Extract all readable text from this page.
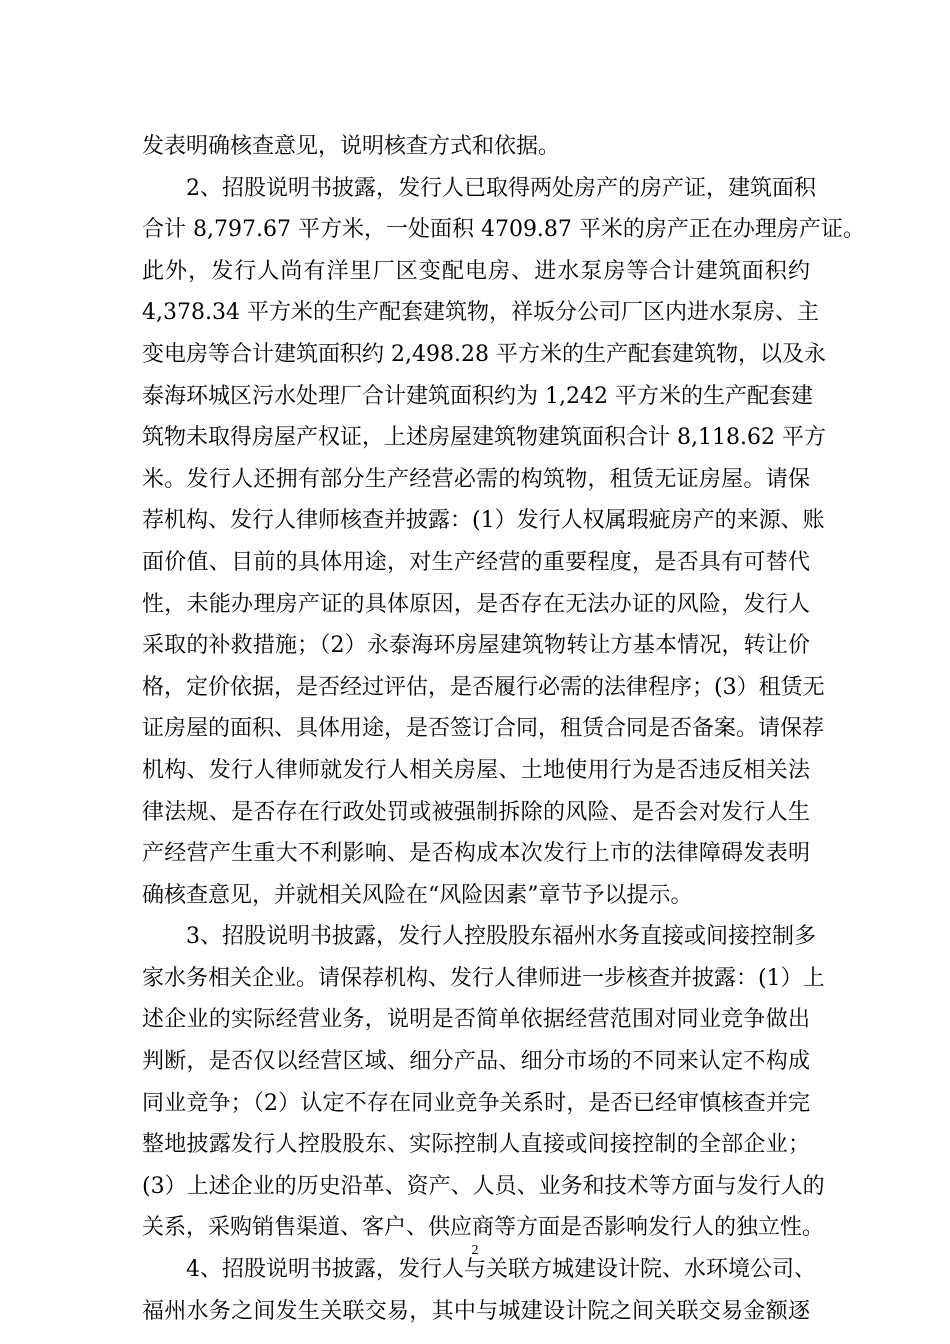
发表明确核查意见，说明核查方式和依据。
2、招股说明书披露，发行人已取得两处房产的房产证，建筑面积
合计 8,797.67 平方米，一处面积 4709.87 平米的房产正在办理房产证。
此外，发行人尚有洋里厂区变配电房、进水泵房等合计建筑面积约
4,378.34 平方米的生产配套建筑物，祥坂分公司厂区内进水泵房、主
变电房等合计建筑面积约 2,498.28 平方米的生产配套建筑物，以及永
泰海环城区污水处理厂合计建筑面积约为 1,242 平方米的生产配套建
筑物未取得房屋产权证，上述房屋建筑物建筑面积合计 8,118.62 平方
米。发行人还拥有部分生产经营必需的构筑物，租赁无证房屋。请保
荐机构、发行人律师核查并披露：(1）发行人权属瑕疵房产的来源、账
面价值、目前的具体用途，对生产经营的重要程度，是否具有可替代
性，未能办理房产证的具体原因，是否存在无法办证的风险，发行人
采取的补救措施；（2）永泰海环房屋建筑物转让方基本情况，转让价
格，定价依据，是否经过评估，是否履行必需的法律程序；(3）租赁无
证房屋的面积、具体用途，是否签订合同，租赁合同是否备案。请保荐
机构、发行人律师就发行人相关房屋、土地使用行为是否违反相关法
律法规、是否存在行政处罚或被强制拆除的风险、是否会对发行人生
产经营产生重大不利影响、是否构成本次发行上市的法律障碍发表明
确核查意见，并就相关风险在“风险因素”章节予以提示。
3、招股说明书披露，发行人控股股东福州水务直接或间接控制多
家水务相关企业。请保荐机构、发行人律师进一步核查并披露：(1）上
述企业的实际经营业务，说明是否简单依据经营范围对同业竞争做出
判断，是否仅以经营区域、细分产品、细分市场的不同来认定不构成
同业竞争；（2）认定不存在同业竞争关系时，是否已经审慎核查并完
整地披露发行人控股股东、实际控制人直接或间接控制的全部企业；
(3）上述企业的历史沿革、资产、人员、业务和技术等方面与发行人的
关系，采购销售渠道、客户、供应商等方面是否影响发行人的独立性。
4、招股说明书披露，发行人与关联方城建设计院、水环境公司、
福州水务之间发生关联交易，其中与城建设计院之间关联交易金额逐
2
